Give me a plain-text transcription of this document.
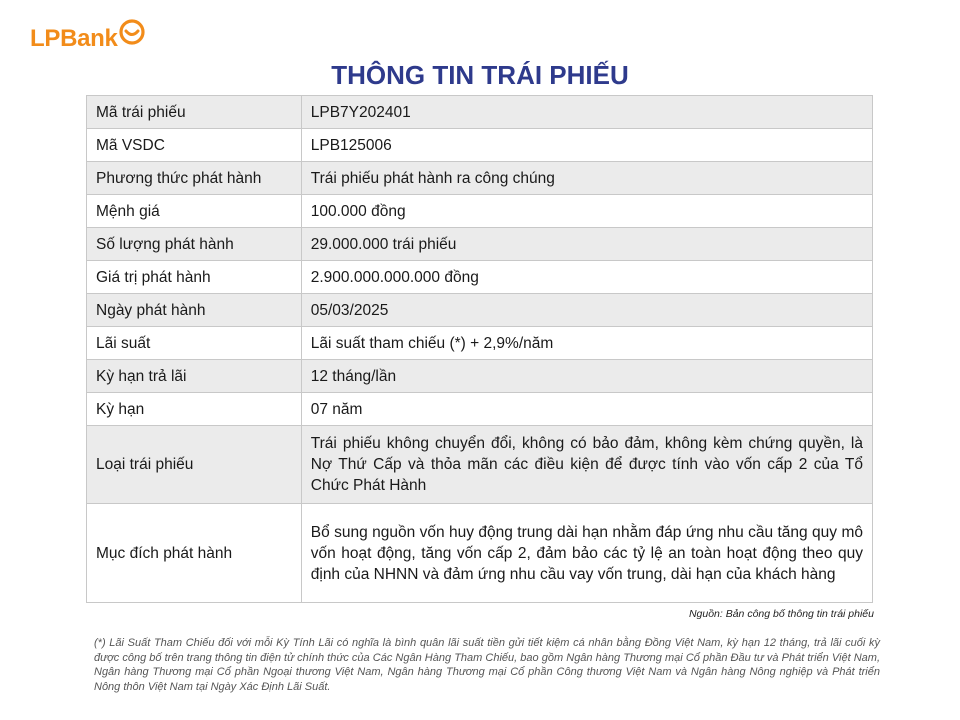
LPBank
THÔNG TIN TRÁI PHIẾU
Mã trái phiếu	LPB7Y202401
Mã VSDC	LPB125006
Phương thức phát hành	Trái phiếu phát hành ra công chúng
Mệnh giá	100.000 đồng
Số lượng phát hành	29.000.000 trái phiếu
Giá trị phát hành	2.900.000.000.000 đồng
Ngày phát hành	05/03/2025
Lãi suất	Lãi suất tham chiếu (*) + 2,9%/năm
Kỳ hạn trả lãi	12 tháng/lần
Kỳ hạn	07 năm
Loại trái phiếu	Trái phiếu không chuyển đổi, không có bảo đảm, không kèm chứng quyền, là Nợ Thứ Cấp và thỏa mãn các điều kiện để được tính vào vốn cấp 2 của Tổ Chức Phát Hành
Mục đích phát hành	Bổ sung nguồn vốn huy động trung dài hạn nhằm đáp ứng nhu cầu tăng quy mô vốn hoạt động, tăng vốn cấp 2, đảm bảo các tỷ lệ an toàn hoạt động theo quy định của NHNN và đảm ứng nhu cầu vay vốn trung, dài hạn của khách hàng
Nguồn: Bản công bố thông tin trái phiếu
(*) Lãi Suất Tham Chiếu đối với mỗi Kỳ Tính Lãi có nghĩa là bình quân lãi suất tiền gửi tiết kiệm cá nhân bằng Đồng Việt Nam, kỳ hạn 12 tháng, trả lãi cuối kỳ được công bố trên trang thông tin điện tử chính thức của Các Ngân Hàng Tham Chiếu, bao gồm Ngân hàng Thương mại Cổ phần Đầu tư và Phát triển Việt Nam, Ngân hàng Thương mại Cổ phần Ngoại thương Việt Nam, Ngân hàng Thương mại Cổ phần Công thương Việt Nam và Ngân hàng Nông nghiệp và Phát triển Nông thôn Việt Nam tại Ngày Xác Định Lãi Suất.
